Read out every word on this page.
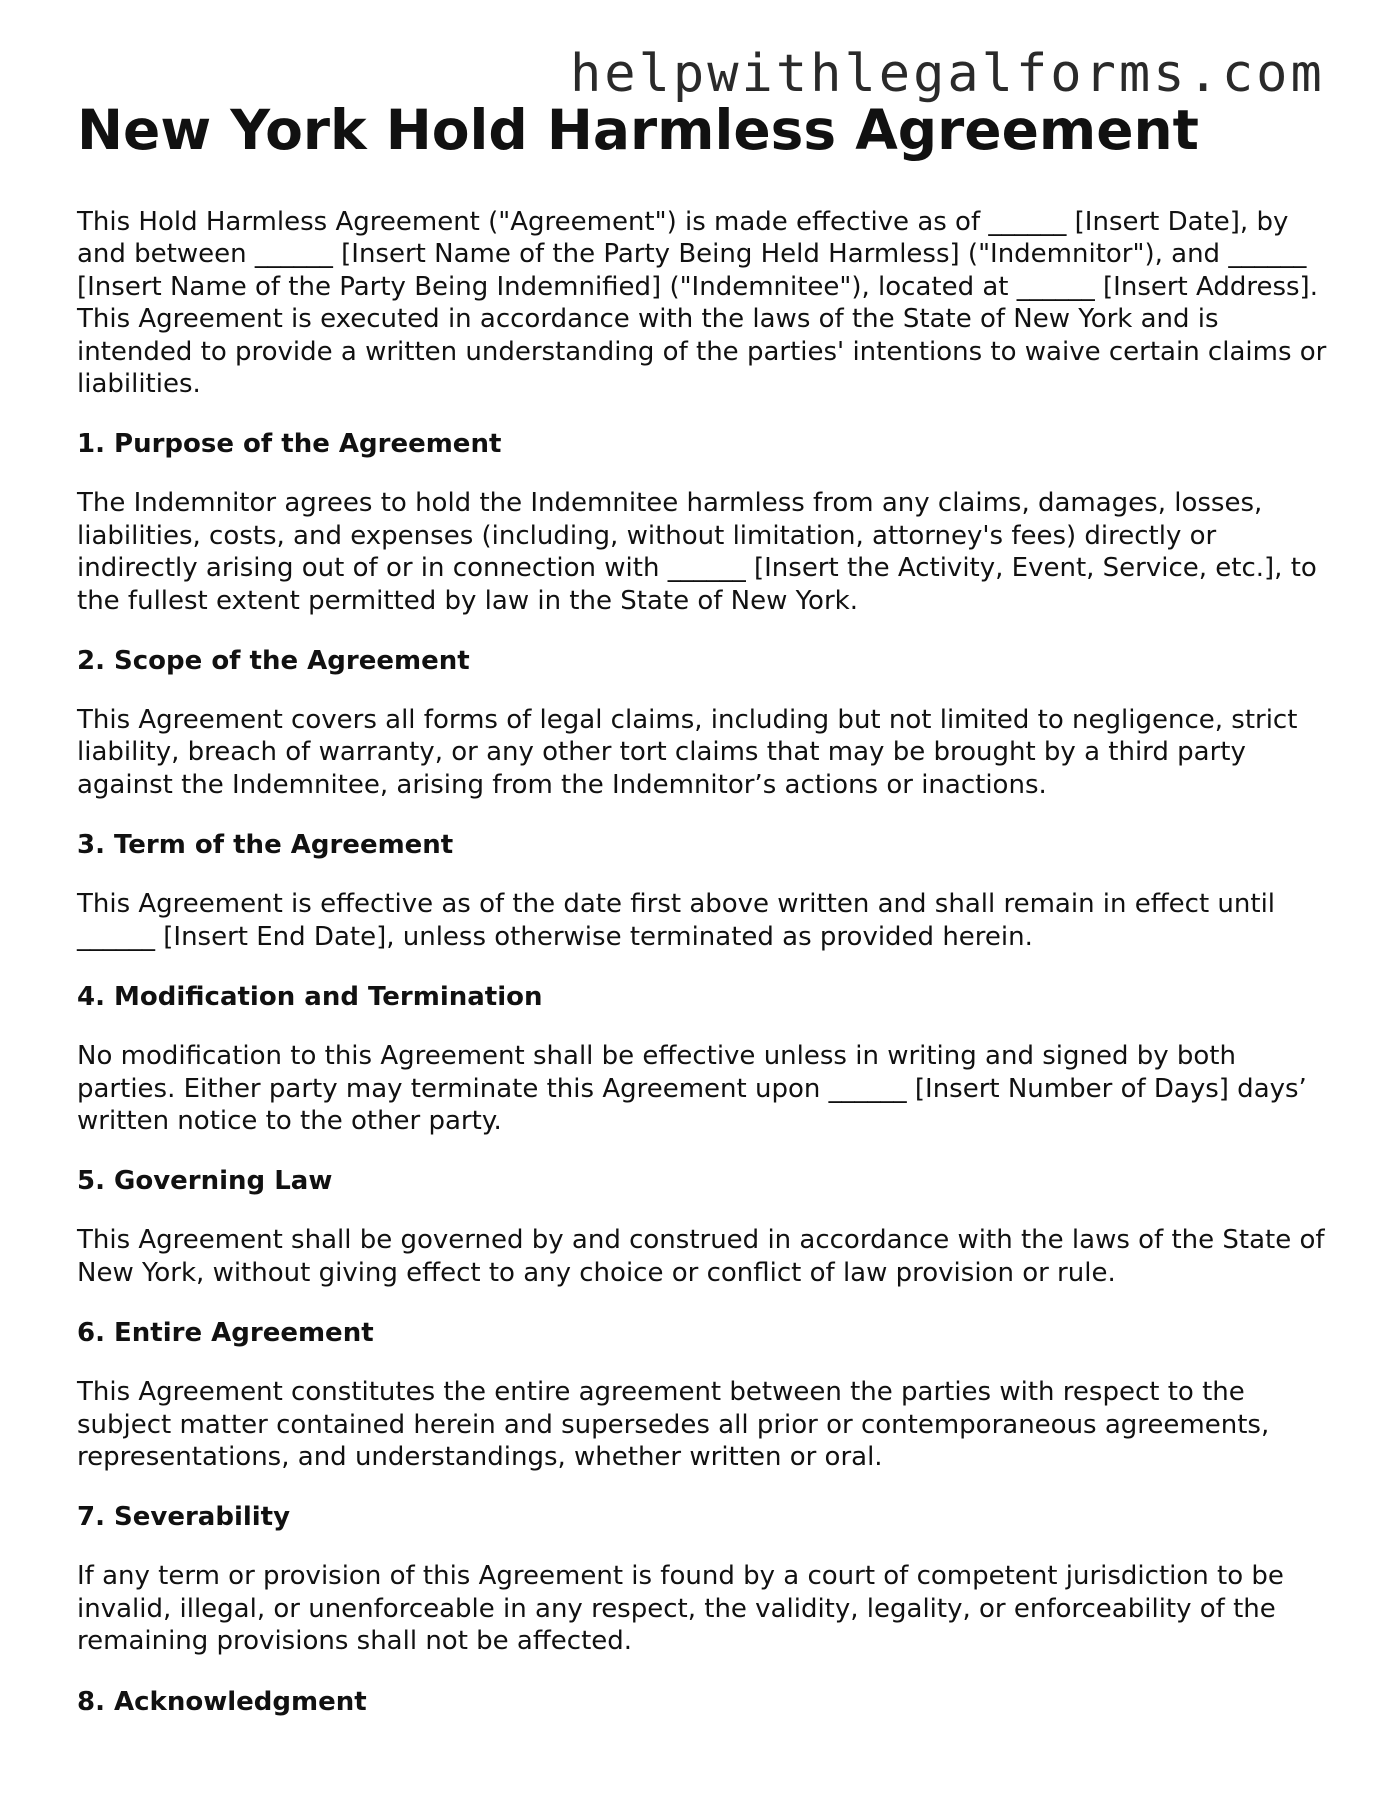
helpwithlegalforms.com
New York Hold Harmless Agreement

This Hold Harmless Agreement ("Agreement") is made effective as of ______ [Insert Date], by and between ______ [Insert Name of the Party Being Held Harmless] ("Indemnitor"), and ______ [Insert Name of the Party Being Indemnified] ("Indemnitee"), located at ______ [Insert Address]. This Agreement is executed in accordance with the laws of the State of New York and is intended to provide a written understanding of the parties' intentions to waive certain claims or liabilities.

1. Purpose of the Agreement

The Indemnitor agrees to hold the Indemnitee harmless from any claims, damages, losses, liabilities, costs, and expenses (including, without limitation, attorney's fees) directly or indirectly arising out of or in connection with ______ [Insert the Activity, Event, Service, etc.], to the fullest extent permitted by law in the State of New York.

2. Scope of the Agreement

This Agreement covers all forms of legal claims, including but not limited to negligence, strict liability, breach of warranty, or any other tort claims that may be brought by a third party against the Indemnitee, arising from the Indemnitor’s actions or inactions.

3. Term of the Agreement

This Agreement is effective as of the date first above written and shall remain in effect until ______ [Insert End Date], unless otherwise terminated as provided herein.

4. Modification and Termination

No modification to this Agreement shall be effective unless in writing and signed by both parties. Either party may terminate this Agreement upon ______ [Insert Number of Days] days’ written notice to the other party.

5. Governing Law

This Agreement shall be governed by and construed in accordance with the laws of the State of New York, without giving effect to any choice or conflict of law provision or rule.

6. Entire Agreement

This Agreement constitutes the entire agreement between the parties with respect to the subject matter contained herein and supersedes all prior or contemporaneous agreements, representations, and understandings, whether written or oral.

7. Severability

If any term or provision of this Agreement is found by a court of competent jurisdiction to be invalid, illegal, or unenforceable in any respect, the validity, legality, or enforceability of the remaining provisions shall not be affected.

8. Acknowledgment
